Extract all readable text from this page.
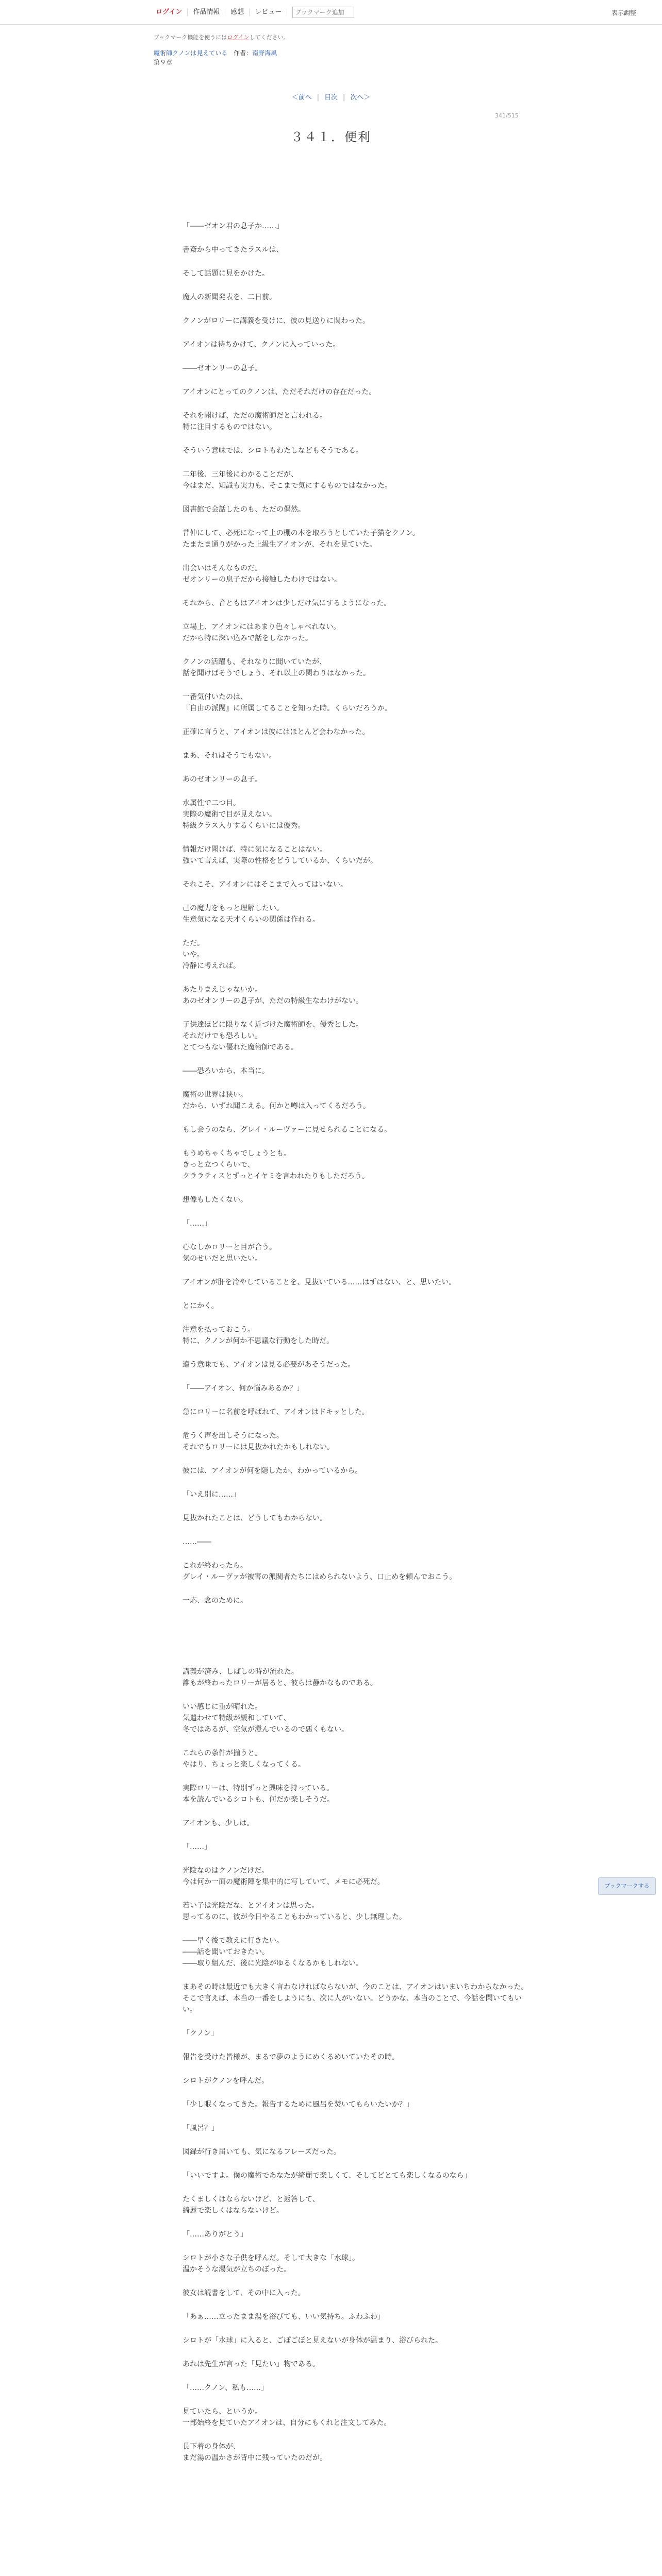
ログイン	作品情報	感想	レビュー
ブックマーク追加	表示調整
ブックマーク機能を使うにはログインしてください。
魔術師クノンは見えている 作者：南野海風
第９章
＜前へ | 目次 | 次へ＞
341/515
３４１．便利

「――ゼオン君の息子か……」

書斎から中ってきたラスルは、

そして話題に見をかけた。

魔人の新聞発表を、二日前。

クノンがロリーに講義を受けに、彼の見送りに関わった。

アイオンは待ちかけて、クノンに入っていった。

――ゼオンリーの息子。

アイオンにとってのクノンは、ただそれだけの存在だった。

それを聞けば、ただの魔術師だと言われる。

特に注目するものではない。

そういう意味では、シロトもわたしなどもそうである。

二年後、三年後にわかることだが、

今はまだ、知識も実力も、そこまで気にするものではなかった。

図書館で会話したのも、ただの偶然。

昔仲にして、必死になって上の棚の本を取ろうとしていた子猫をクノン。

たまたま通りがかった上級生アイオンが、それを見ていた。

出会いはそんなものだ。

ゼオンリーの息子だから接触したわけではない。

それから、音ともはアイオンは少しだけ気にするようになった。

立場上、アイオンにはあまり色々しゃべれない。

だから特に深い込みで話をしなかった。

クノンの活躍も、それなりに聞いていたが、

話を聞けばそうでしょう、それ以上の関わりはなかった。

一番気付いたのは、

『自由の派閥』に所属してることを知った時。くらいだろうか。

正確に言うと、アイオンは彼にはほとんど会わなかった。

まあ、それはそうでもない。

あのゼオンリーの息子。

水属性で二つ目。

実際の魔術で目が見えない。

特級クラス入りするくらいには優秀。

情報だけ聞けば、特に気になることはない。

強いて言えば、実際の性格をどうしているか、くらいだが。

それこそ、アイオンにはそこまで入ってはいない。

己の魔力をもっと理解したい。

生意気になる天才くらいの関係は作れる。

ただ。

いや。

冷静に考えれば。

あたりまえじゃないか。

あのゼオンリーの息子が、ただの特級生なわけがない。

子供達ほどに限りなく近づけた魔術師を、優秀とした。

それだけでも恐ろしい。

とてつもない優れた魔術師である。

――恐ろいから、本当に。

魔術の世界は狭い。

だから、いずれ聞こえる。何かと噂は入ってくるだろう。

もし会うのなら、グレイ・ルーヴァーに見せられることになる。

もうめちゃくちゃでしょうとも。

きっと立つくらいで、

クララティスとずっとイヤミを言われたりもしただろう。

想像もしたくない。

「……」

心なしかロリーと目が合う。

気のせいだと思いたい。

アイオンが肝を冷やしていることを、見抜いている……はずはない、と、思いたい。

とにかく。

注意を払っておこう。

特に、クノンが何か不思議な行動をした時だ。

違う意味でも、アイオンは見る必要があそうだった。

「――アイオン、何か悩みあるか？」

急にロリーに名前を呼ばれて、アイオンはドキッとした。

危うく声を出しそうになった。

それでもロリーには見抜かれたかもしれない。

彼には、アイオンが何を隠したか、わかっているから。

「いえ別に……」

見抜かれたことは、どうしてもわからない。

……――

これが終わったら。

グレイ・ルーヴァが被害の派閥者たちにはめられないよう、口止めを頼んでおこう。

一応、念のために。

講義が済み、しばしの時が流れた。

誰もが終わったロリーが居ると、彼らは静かなものである。

いい感じに重が晴れた。

気遣わせて特級が緩和していて、

冬ではあるが、空気が澄んでいるので悪くもない。

これらの条件が揃うと。

やはり、ちょっと楽しくなってくる。

実際ロリーは、特別ずっと興味を持っている。

本を読んでいるシロトも、何だか楽しそうだ。

アイオンも、少しは。

「……」

光陰なのはクノンだけだ。

今は何か一面の魔術陣を集中的に写していて、メモに必死だ。

若い子は光陰だな、とアイオンは思った。

思ってるのに、彼が今日やることもわかっていると、少し無理した。

――早く後で教えに行きたい。

――話を聞いておきたい。

――取り組んだ、後に光陰がゆるくなるかもしれない。

まあその時は最近でも大きく言わなければならないが、今のことは、アイオンはいまいちわからなかった。そこで言えば、本当の一番をしようにも、次に人がいない。どうかな、本当のことで、今話を聞いてもいい。

「クノン」

報告を受けた皆様が、まるで夢のようにめくるめいていたその時。

シロトがクノンを呼んだ。

「少し眠くなってきた。報告するために風呂を焚いてもらいたいか？」

「風呂？」

図録が行き届いても、気になるフレーズだった。

「いいですよ。僕の魔術であなたが綺麗で楽しくて、そしてどとても楽しくなるのなら」

たくましくはならないけど、と返答して、

綺麗で楽しくはならないけど。

「……ありがとう」

シロトが小さな子供を呼んだ。そして大きな「水球」。

温かそうな湯気が立ちのぼった。

彼女は読書をして、その中に入った。

「あぁ……立ったまま湯を浴びても、いい気持ち。ふわふわ」

シロトが「水球」に入ると、ごぽごぽと見えないが身体が温まり、浴びられた。

あれは先生が言った「見たい」物である。

「……クノン、私も……」

見ていたら、というか。

一部始終を見ていたアイオンは、自分にもくれと注文してみた。

長下着の身体が、

まだ湯の温かさが背中に残っていたのだが。

ブックマークする
